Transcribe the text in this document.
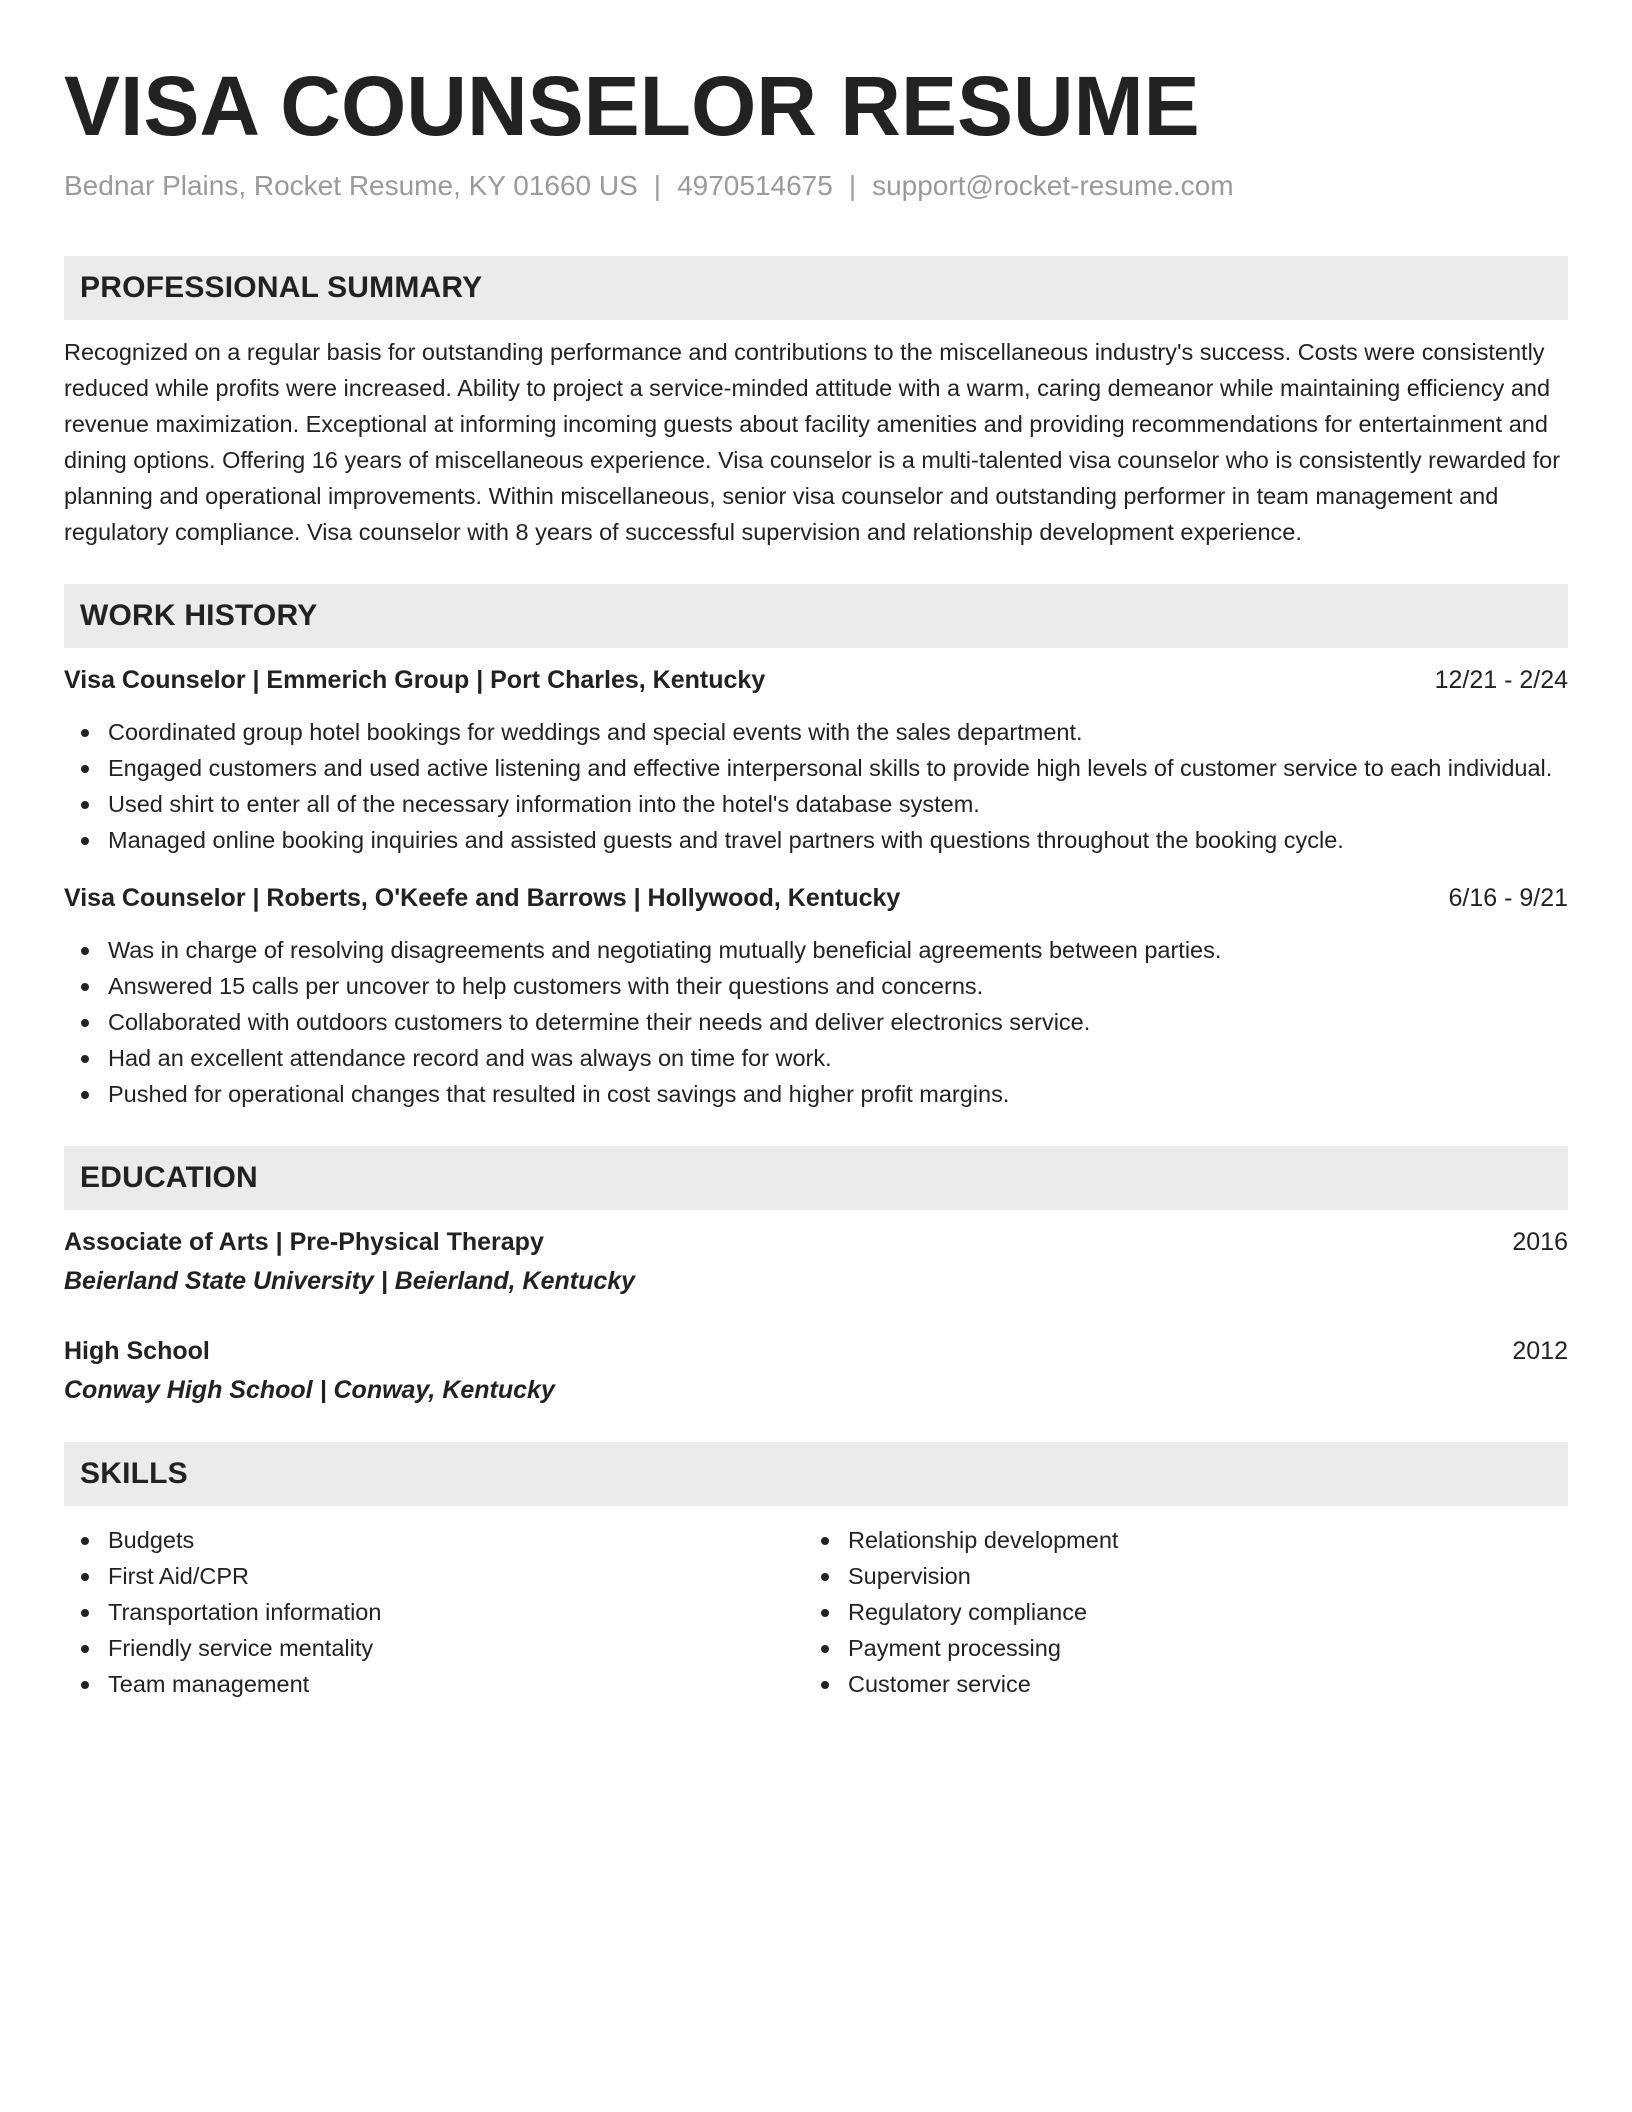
VISA COUNSELOR RESUME
Bednar Plains, Rocket Resume, KY 01660 US | 4970514675 | support@rocket-resume.com
PROFESSIONAL SUMMARY

Recognized on a regular basis for outstanding performance and contributions to the miscellaneous industry's success. Costs were consistently reduced while profits were increased. Ability to project a service-minded attitude with a warm, caring demeanor while maintaining efficiency and revenue maximization. Exceptional at informing incoming guests about facility amenities and providing recommendations for entertainment and dining options. Offering 16 years of miscellaneous experience. Visa counselor is a multi-talented visa counselor who is consistently rewarded for planning and operational improvements. Within miscellaneous, senior visa counselor and outstanding performer in team management and regulatory compliance. Visa counselor with 8 years of successful supervision and relationship development experience.

WORK HISTORY
Visa Counselor | Emmerich Group | Port Charles, Kentucky	12/21 - 2/24
Coordinated group hotel bookings for weddings and special events with the sales department.
Engaged customers and used active listening and effective interpersonal skills to provide high levels of customer service to each individual.
Used shirt to enter all of the necessary information into the hotel's database system.
Managed online booking inquiries and assisted guests and travel partners with questions throughout the booking cycle.
Visa Counselor | Roberts, O'Keefe and Barrows | Hollywood, Kentucky	6/16 - 9/21
Was in charge of resolving disagreements and negotiating mutually beneficial agreements between parties.
Answered 15 calls per uncover to help customers with their questions and concerns.
Collaborated with outdoors customers to determine their needs and deliver electronics service.
Had an excellent attendance record and was always on time for work.
Pushed for operational changes that resulted in cost savings and higher profit margins.
EDUCATION
Associate of Arts | Pre-Physical Therapy
Beierland State University | Beierland, Kentucky
2016
High School
Conway High School | Conway, Kentucky
2012
SKILLS
Budgets
First Aid/CPR
Transportation information
Friendly service mentality
Team management
Relationship development
Supervision
Regulatory compliance
Payment processing
Customer service
